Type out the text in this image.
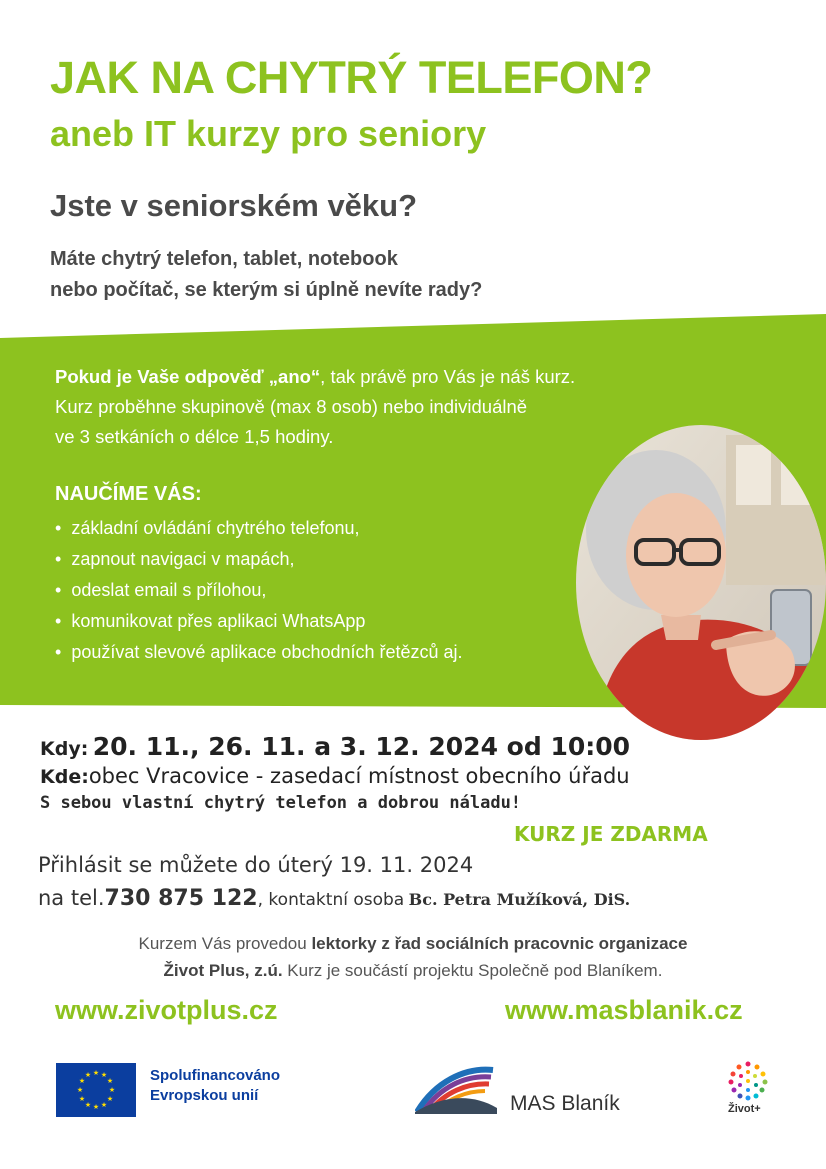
JAK NA CHYTRÝ TELEFON?
aneb IT kurzy pro seniory
Jste v seniorském věku?
Máte chytrý telefon, tablet, notebook
nebo počítač, se kterým si úplně nevíte rady?
Pokud je Vaše odpověď „ano“, tak právě pro Vás je náš kurz.
Kurz proběhne skupinově (max 8 osob) nebo individuálně
ve 3 setkáních o délce 1,5 hodiny.
NAUČÍME VÁS:
• základní ovládání chytrého telefonu,
• zapnout navigaci v mapách,
• odeslat email s přílohou,
• komunikovat přes aplikaci WhatsApp
• používat slevové aplikace obchodních řetězců aj.
Kdy: 20. 11., 26. 11. a 3. 12. 2024 od 10:00
Kde:obec Vracovice - zasedací místnost obecního úřadu
S sebou vlastní chytrý telefon a dobrou náladu!
KURZ JE ZDARMA
Přihlásit se můžete do úterý 19. 11. 2024
na tel.730 875 122, kontaktní osoba Bc. Petra Mužíková, DiS.
Kurzem Vás provedou lektorky z řad sociálních pracovnic organizace
Život Plus, z.ú. Kurz je součástí projektu Společně pod Blaníkem.
www.zivotplus.cz	www.masblanik.cz
★ ★
★
★
★
★
★
★
★
★
★
★	Spolufinancováno
Evropskou unií	MAS Blaník	Život+
